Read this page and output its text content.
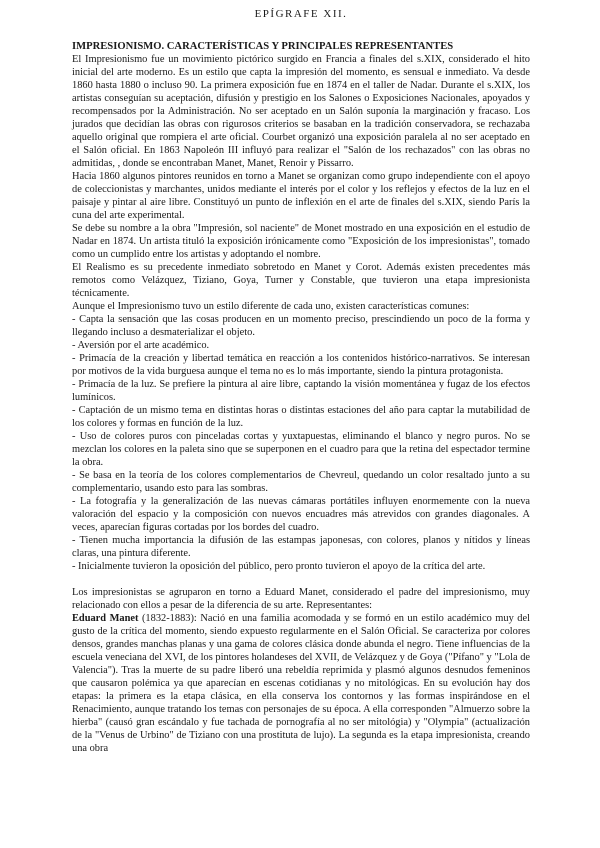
EPÍGRAFE XII.

IMPRESIONISMO. CARACTERÍSTICAS Y PRINCIPALES REPRESENTANTES

El Impresionismo fue un movimiento pictórico surgido en Francia a finales del s.XIX, considerado el hito inicial del arte moderno. Es un estilo que capta la impresión del momento, es sensual e inmediato. Va desde 1860 hasta 1880 o incluso 90. La primera exposición fue en 1874 en el taller de Nadar. Durante el s.XIX, los artistas conseguían su aceptación, difusión y prestigio en los Salones o Exposiciones Nacionales, apoyados y recompensados por la Administración. No ser aceptado en un Salón suponía la marginación y fracaso. Los jurados que decidían las obras con rigurosos criterios se basaban en la tradición conservadora, se rechazaba aquello original que rompiera el arte oficial. Courbet organizó una exposición paralela al no ser aceptado en el Salón oficial. En 1863 Napoleón III influyó para realizar el "Salón de los rechazados" con las obras no admitidas, , donde se encontraban Manet, Manet, Renoir y Pissarro.

Hacia 1860 algunos pintores reunidos en torno a Manet se organizan como grupo independiente con el apoyo de coleccionistas y marchantes, unidos mediante el interés por el color y los reflejos y efectos de la luz en el paisaje y pintar al aire libre. Constituyó un punto de inflexión en el arte de finales del s.XIX, siendo París la cuna del arte experimental.

Se debe su nombre a la obra "Impresión, sol naciente" de Monet mostrado en una exposición en el estudio de Nadar en 1874. Un artista tituló la exposición irónicamente como "Exposición de los impresionistas", tomado como un cumplido entre los artistas y adoptando el nombre.

El Realismo es su precedente inmediato sobretodo en Manet y Corot. Además existen precedentes más remotos como Velázquez, Tiziano, Goya, Turner y Constable, que tuvieron una etapa impresionista técnicamente.

Aunque el Impresionismo tuvo un estilo diferente de cada uno, existen características comunes:

- Capta la sensación que las cosas producen en un momento preciso, prescindiendo un poco de la forma y llegando incluso a desmaterializar el objeto.

- Aversión por el arte académico.

- Primacía de la creación y libertad temática en reacción a los contenidos histórico-narrativos. Se interesan por motivos de la vida burguesa aunque el tema no es lo más importante, siendo la pintura protagonista.

- Primacía de la luz. Se prefiere la pintura al aire libre, captando la visión momentánea y fugaz de los efectos lumínicos.

- Captación de un mismo tema en distintas horas o distintas estaciones del año para captar la mutabilidad de los colores y formas en función de la luz.

- Uso de colores puros con pinceladas cortas y yuxtapuestas, eliminando el blanco y negro puros. No se mezclan los colores en la paleta sino que se superponen en el cuadro para que la retina del espectador termine la obra.

- Se basa en la teoría de los colores complementarios de Chevreul, quedando un color resaltado junto a su complementario, usando esto para las sombras.

- La fotografía y la generalización de las nuevas cámaras portátiles influyen enormemente con la nueva valoración del espacio y la composición con nuevos encuadres más atrevidos con grandes diagonales. A veces, aparecían figuras cortadas por los bordes del cuadro.

- Tienen mucha importancia la difusión de las estampas japonesas, con colores, planos y nítidos y líneas claras, una pintura diferente.

- Inicialmente tuvieron la oposición del público, pero pronto tuvieron el apoyo de la crítica del arte.

Los impresionistas se agruparon en torno a Eduard Manet, considerado el padre del impresionismo, muy relacionado con ellos a pesar de la diferencia de su arte. Representantes:

Eduard Manet (1832-1883): Nació en una familia acomodada y se formó en un estilo académico muy del gusto de la crítica del momento, siendo expuesto regularmente en el Salón Oficial. Se caracteriza por colores densos, grandes manchas planas y una gama de colores clásica donde abunda el negro. Tiene influencias de la escuela veneciana del XVI, de los pintores holandeses del XVII, de Velázquez y de Goya ("Pífano" y "Lola de Valencia"). Tras la muerte de su padre liberó una rebeldía reprimida y plasmó algunos desnudos femeninos que causaron polémica ya que aparecían en escenas cotidianas y no mitológicas. En su evolución hay dos etapas: la primera es la etapa clásica, en ella conserva los contornos y las formas inspirándose en el Renacimiento, aunque tratando los temas con personajes de su época. A ella corresponden "Almuerzo sobre la hierba" (causó gran escándalo y fue tachada de pornografía al no ser mitológia) y "Olympia" (actualización de la "Venus de Urbino" de Tiziano con una prostituta de lujo). La segunda es la etapa impresionista, creando una obra
